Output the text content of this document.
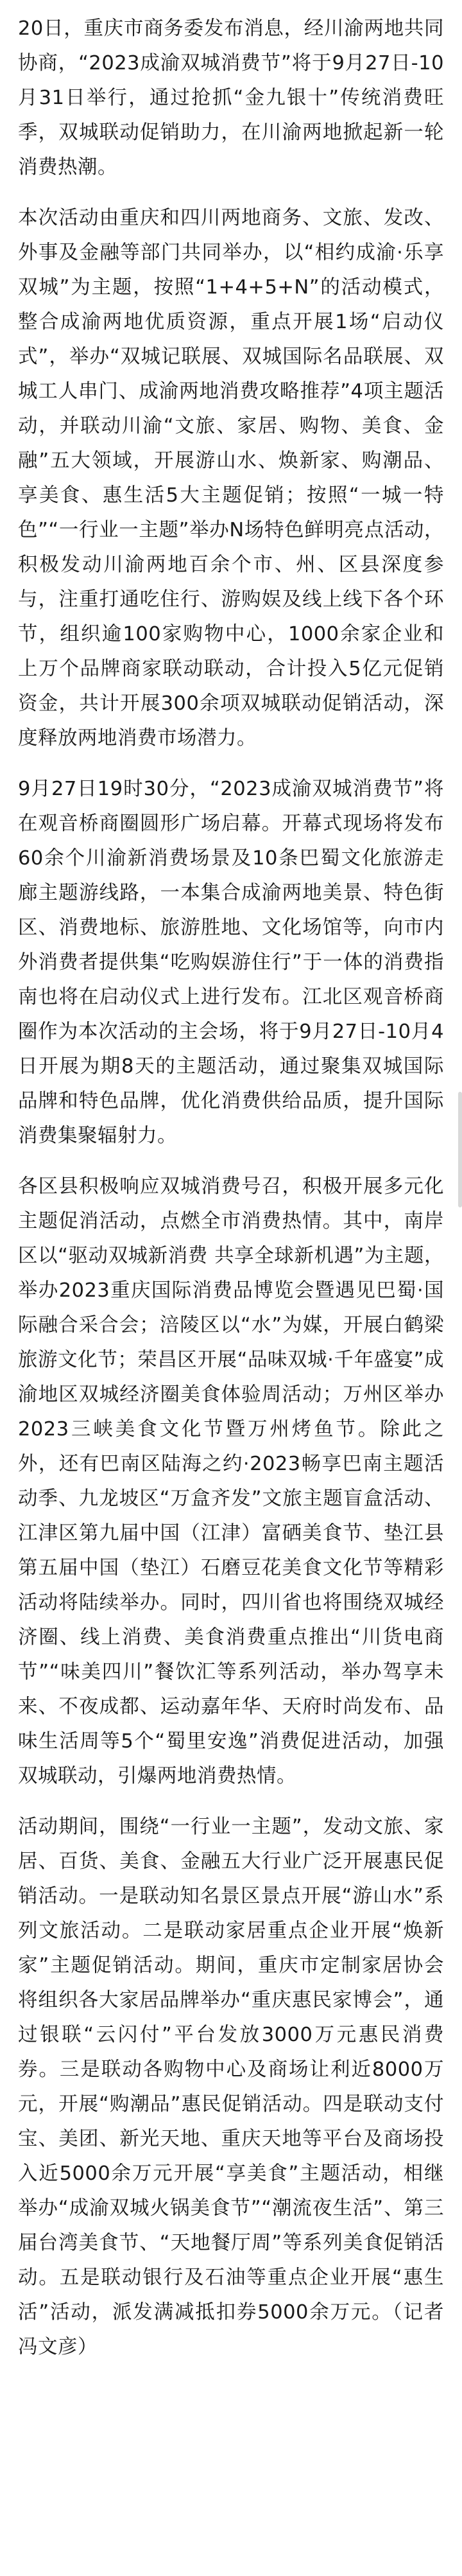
20日，重庆市商务委发布消息，经川渝两地共同协商，“2023成渝双城消费节”将于9月27日-10月31日举行，通过抢抓“金九银十”传统消费旺季，双城联动促销助力，在川渝两地掀起新一轮消费热潮。

本次活动由重庆和四川两地商务、文旅、发改、外事及金融等部门共同举办，以“相约成渝·乐享双城”为主题，按照“1+4+5+N”的活动模式，整合成渝两地优质资源，重点开展1场“启动仪式”，举办“双城记联展、双城国际名品联展、双城工人串门、成渝两地消费攻略推荐”4项主题活动，并联动川渝“文旅、家居、购物、美食、金融”五大领域，开展游山水、焕新家、购潮品、享美食、惠生活5大主题促销；按照“一城一特色”“一行业一主题”举办N场特色鲜明亮点活动，积极发动川渝两地百余个市、州、区县深度参与，注重打通吃住行、游购娱及线上线下各个环节，组织逾100家购物中心，1000余家企业和上万个品牌商家联动联动，合计投入5亿元促销资金，共计开展300余项双城联动促销活动，深度释放两地消费市场潜力。

9月27日19时30分，“2023成渝双城消费节”将在观音桥商圈圆形广场启幕。开幕式现场将发布60余个川渝新消费场景及10条巴蜀文化旅游走廊主题游线路，一本集合成渝两地美景、特色街区、消费地标、旅游胜地、文化场馆等，向市内外消费者提供集“吃购娱游住行”于一体的消费指南也将在启动仪式上进行发布。江北区观音桥商圈作为本次活动的主会场，将于9月27日-10月4日开展为期8天的主题活动，通过聚集双城国际品牌和特色品牌，优化消费供给品质，提升国际消费集聚辐射力。

各区县积极响应双城消费号召，积极开展多元化主题促消活动，点燃全市消费热情。其中，南岸区以“驱动双城新消费 共享全球新机遇”为主题，举办2023重庆国际消费品博览会暨遇见巴蜀·国际融合采合会；涪陵区以“水”为媒，开展白鹤梁旅游文化节；荣昌区开展“品味双城·千年盛宴”成渝地区双城经济圈美食体验周活动；万州区举办2023三峡美食文化节暨万州烤鱼节。除此之外，还有巴南区陆海之约·2023畅享巴南主题活动季、九龙坡区“万盒齐发”文旅主题盲盒活动、江津区第九届中国（江津）富硒美食节、垫江县第五届中国（垫江）石磨豆花美食文化节等精彩活动将陆续举办。同时，四川省也将围绕双城经济圈、线上消费、美食消费重点推出“川货电商节”“味美四川”餐饮汇等系列活动，举办驾享未来、不夜成都、运动嘉年华、天府时尚发布、品味生活周等5个“蜀里安逸”消费促进活动，加强双城联动，引爆两地消费热情。

活动期间，围绕“一行业一主题”，发动文旅、家居、百货、美食、金融五大行业广泛开展惠民促销活动。一是联动知名景区景点开展“游山水”系列文旅活动。二是联动家居重点企业开展“焕新家”主题促销活动。期间，重庆市定制家居协会将组织各大家居品牌举办“重庆惠民家博会”，通过银联“云闪付”平台发放3000万元惠民消费券。三是联动各购物中心及商场让利近8000万元，开展“购潮品”惠民促销活动。四是联动支付宝、美团、新光天地、重庆天地等平台及商场投入近5000余万元开展“享美食”主题活动，相继举办“成渝双城火锅美食节”“潮流夜生活”、第三届台湾美食节、“天地餐厅周”等系列美食促销活动。五是联动银行及石油等重点企业开展“惠生活”活动，派发满减抵扣券5000余万元。（记者 冯文彦）
